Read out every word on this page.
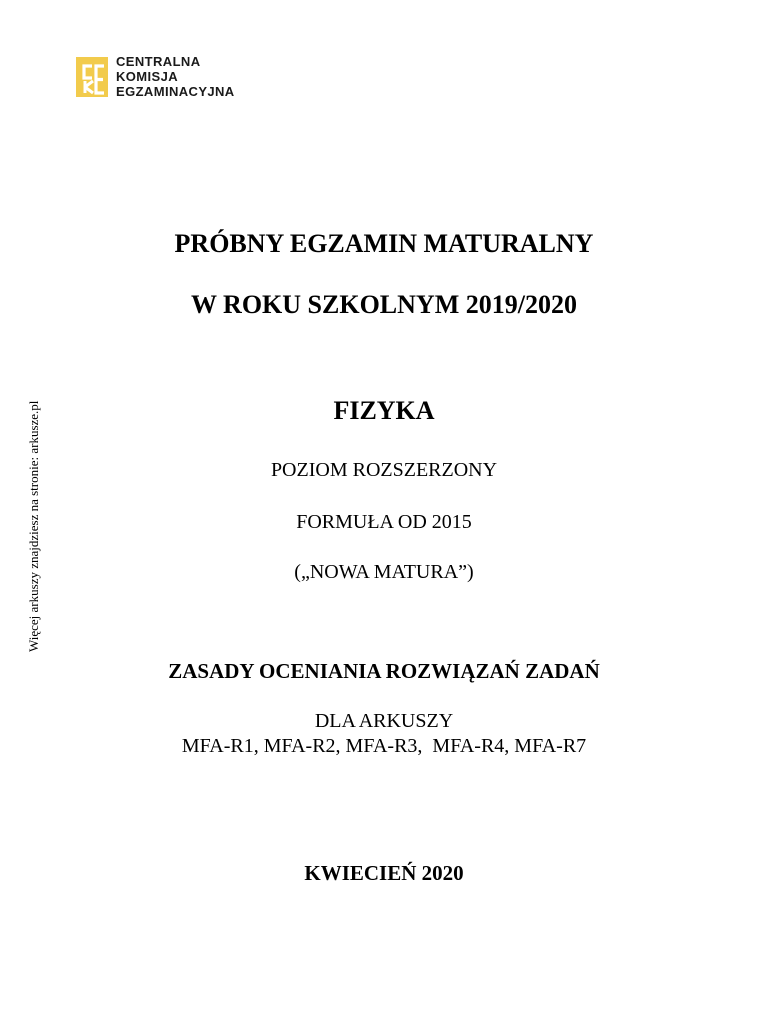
CENTRALNA
KOMISJA
EGZAMINACYJNA
Więcej arkuszy znajdziesz na stronie: arkusze.pl
PRÓBNY EGZAMIN MATURALNY
W ROKU SZKOLNYM 2019/2020
FIZYKA
POZIOM ROZSZERZONY
FORMUŁA OD 2015
(„NOWA MATURA”)
ZASADY OCENIANIA ROZWIĄZAŃ ZADAŃ
DLA ARKUSZY
MFA-R1, MFA-R2, MFA-R3,  MFA-R4, MFA-R7
KWIECIEŃ 2020
